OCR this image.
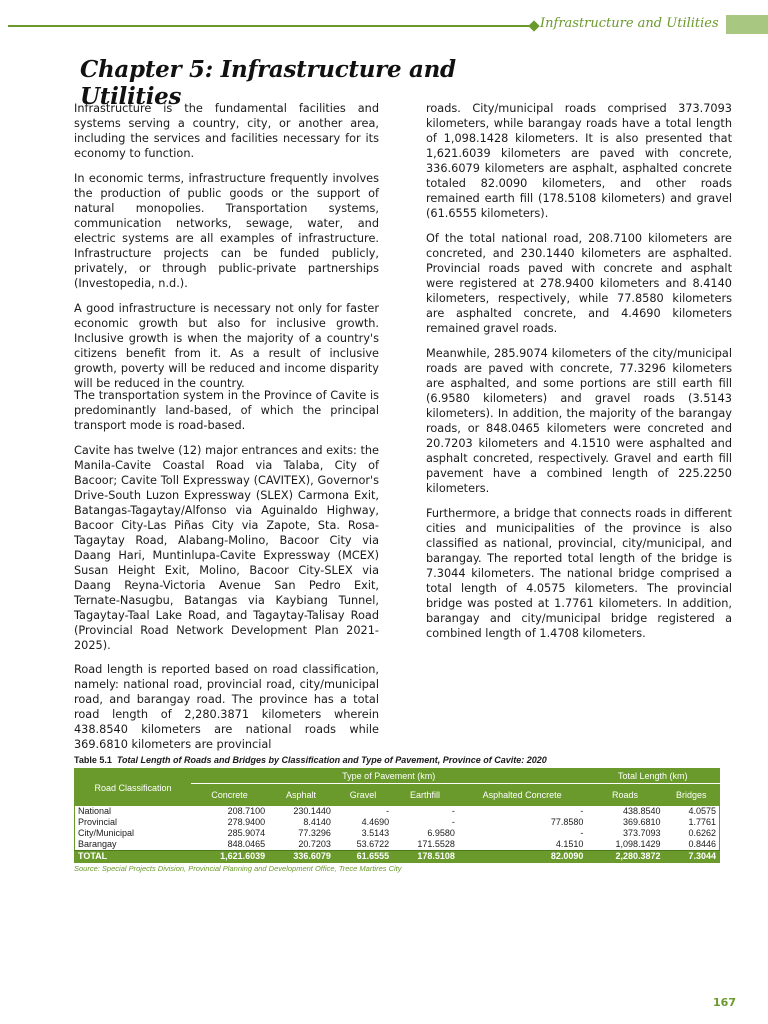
Infrastructure and Utilities
Chapter 5: Infrastructure and Utilities

Infrastructure is the fundamental facilities and systems serving a country, city, or another area, including the services and facilities necessary for its economy to function.

In economic terms, infrastructure frequently involves the production of public goods or the support of natural monopolies. Transportation systems, communication networks, sewage, water, and electric systems are all examples of infrastructure. Infrastructure projects can be funded publicly, privately, or through public-private partnerships (Investopedia, n.d.).

A good infrastructure is necessary not only for faster economic growth but also for inclusive growth. Inclusive growth is when the majority of a country's citizens benefit from it. As a result of inclusive growth, poverty will be reduced and income disparity will be reduced in the country.

The transportation system in the Province of Cavite is predominantly land-based, of which the principal transport mode is road-based.

Cavite has twelve (12) major entrances and exits: the Manila-Cavite Coastal Road via Talaba, City of Bacoor; Cavite Toll Expressway (CAVITEX), Governor's Drive-South Luzon Expressway (SLEX) Carmona Exit, Batangas-Tagaytay/Alfonso via Aguinaldo Highway, Bacoor City-Las Piñas City via Zapote, Sta. Rosa-Tagaytay Road, Alabang-Molino, Bacoor City via Daang Hari, Muntinlupa-Cavite Expressway (MCEX) Susan Height Exit, Molino, Bacoor City-SLEX via Daang Reyna-Victoria Avenue San Pedro Exit, Ternate-Nasugbu, Batangas via Kaybiang Tunnel, Tagaytay-Taal Lake Road, and Tagaytay-Talisay Road (Provincial Road Network Development Plan 2021-2025).

Road length is reported based on road classification, namely: national road, provincial road, city/municipal road, and barangay road. The province has a total road length of 2,280.3871 kilometers wherein 438.8540 kilometers are national roads while 369.6810 kilometers are provincial

roads. City/municipal roads comprised 373.7093 kilometers, while barangay roads have a total length of 1,098.1428 kilometers. It is also presented that 1,621.6039 kilometers are paved with concrete, 336.6079 kilometers are asphalt, asphalted concrete totaled 82.0090 kilometers, and other roads remained earth fill (178.5108 kilometers) and gravel (61.6555 kilometers).

Of the total national road, 208.7100 kilometers are concreted, and 230.1440 kilometers are asphalted. Provincial roads paved with concrete and asphalt were registered at 278.9400 kilometers and 8.4140 kilometers, respectively, while 77.8580 kilometers are asphalted concrete, and 4.4690 kilometers remained gravel roads.

Meanwhile, 285.9074 kilometers of the city/municipal roads are paved with concrete, 77.3296 kilometers are asphalted, and some portions are still earth fill (6.9580 kilometers) and gravel roads (3.5143 kilometers). In addition, the majority of the barangay roads, or 848.0465 kilometers were concreted and 20.7203 kilometers and 4.1510 were asphalted and asphalt concreted, respectively. Gravel and earth fill pavement have a combined length of 225.2250 kilometers.

Furthermore, a bridge that connects roads in different cities and municipalities of the province is also classified as national, provincial, city/municipal, and barangay. The reported total length of the bridge is 7.3044 kilometers. The national bridge comprised a total length of 4.0575 kilometers. The provincial bridge was posted at 1.7761 kilometers. In addition, barangay and city/municipal bridge registered a combined length of 1.4708 kilometers.

Table 5.1 Total Length of Roads and Bridges by Classification and Type of Pavement, Province of Cavite: 2020
Road Classification	Type of Pavement (km)					Total Length (km)	
	Concrete	Asphalt	Gravel	Earthfill	Asphalted Concrete	Roads	Bridges
National	208.7100	230.1440	-	-	-	438.8540	4.0575
Provincial	278.9400	8.4140	4.4690	-	77.8580	369.6810	1.7761
City/Municipal	285.9074	77.3296	3.5143	6.9580	-	373.7093	0.6262
Barangay	848.0465	20.7203	53.6722	171.5528	4.1510	1,098.1429	0.8446
TOTAL	1,621.6039	336.6079	61.6555	178.5108	82.0090	2,280.3872	7.3044
Source: Special Projects Division, Provincial Planning and Development Office, Trece Martires City
167
